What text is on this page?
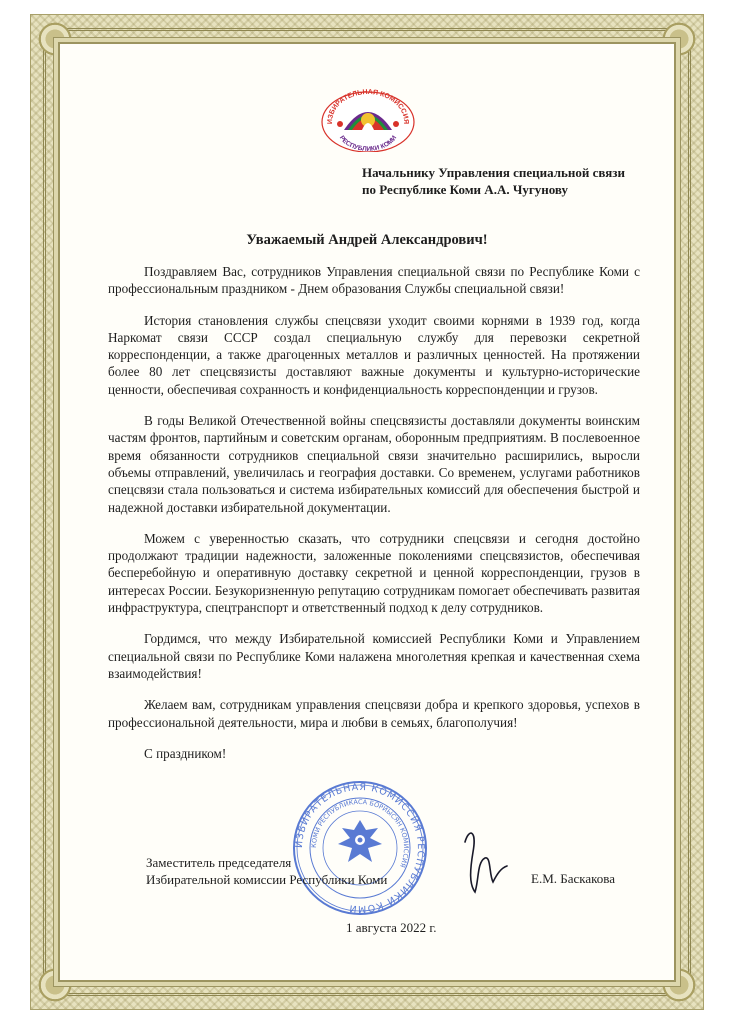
ИЗБИРАТЕЛЬНАЯ КОМИССИЯ
РЕСПУБЛИКИ КОМИ
Начальнику Управления специальной связи
по Республике Коми А.А. Чугунову
Уважаемый Андрей Александрович!

Поздравляем Вас, сотрудников Управления специальной связи по Республике Коми с профессиональным праздником - Днем образования Службы специальной связи!

История становления службы спецсвязи уходит своими корнями в 1939 год, когда Наркомат связи СССР создал специальную службу для перевозки секретной корреспонденции, а также драгоценных металлов и различных ценностей. На протяжении более 80 лет спецсвязисты доставляют важные документы и культурно-исторические ценности, обеспечивая сохранность и конфиденциальность корреспонденции и грузов.

В годы Великой Отечественной войны спецсвязисты доставляли документы воинским частям фронтов, партийным и советским органам, оборонным предприятиям. В послевоенное время обязанности сотрудников специальной связи значительно расширились, выросли объемы отправлений, увеличилась и география доставки. Со временем, услугами работников спецсвязи стала пользоваться и система избирательных комиссий для обеспечения быстрой и надежной доставки избирательной документации.

Можем с уверенностью сказать, что сотрудники спецсвязи и сегодня достойно продолжают традиции надежности, заложенные поколениями спецсвязистов, обеспечивая бесперебойную и оперативную доставку секретной и ценной корреспонденции, грузов в интересах России. Безукоризненную репутацию сотрудникам помогает обеспечивать развитая инфраструктура, спецтранспорт и ответственный подход к делу сотрудников.

Гордимся, что между Избирательной комиссией Республики Коми и Управлением специальной связи по Республике Коми налажена многолетняя крепкая и качественная схема взаимодействия!

Желаем вам, сотрудникам управления спецсвязи добра и крепкого здоровья, успехов в профессиональной деятельности, мира и любви в семьях, благополучия!

С праздником!

ИЗБИРАТЕЛЬНАЯ КОМИССИЯ РЕСПУБЛИКИ КОМИ
КОМИ РЕСПУБЛИКАСА БӦРЙЫСЯН КОМИССИЯ
Заместитель председателя
Избирательной комиссии Республики Коми	Е.М. Баскакова
1 августа 2022 г.
